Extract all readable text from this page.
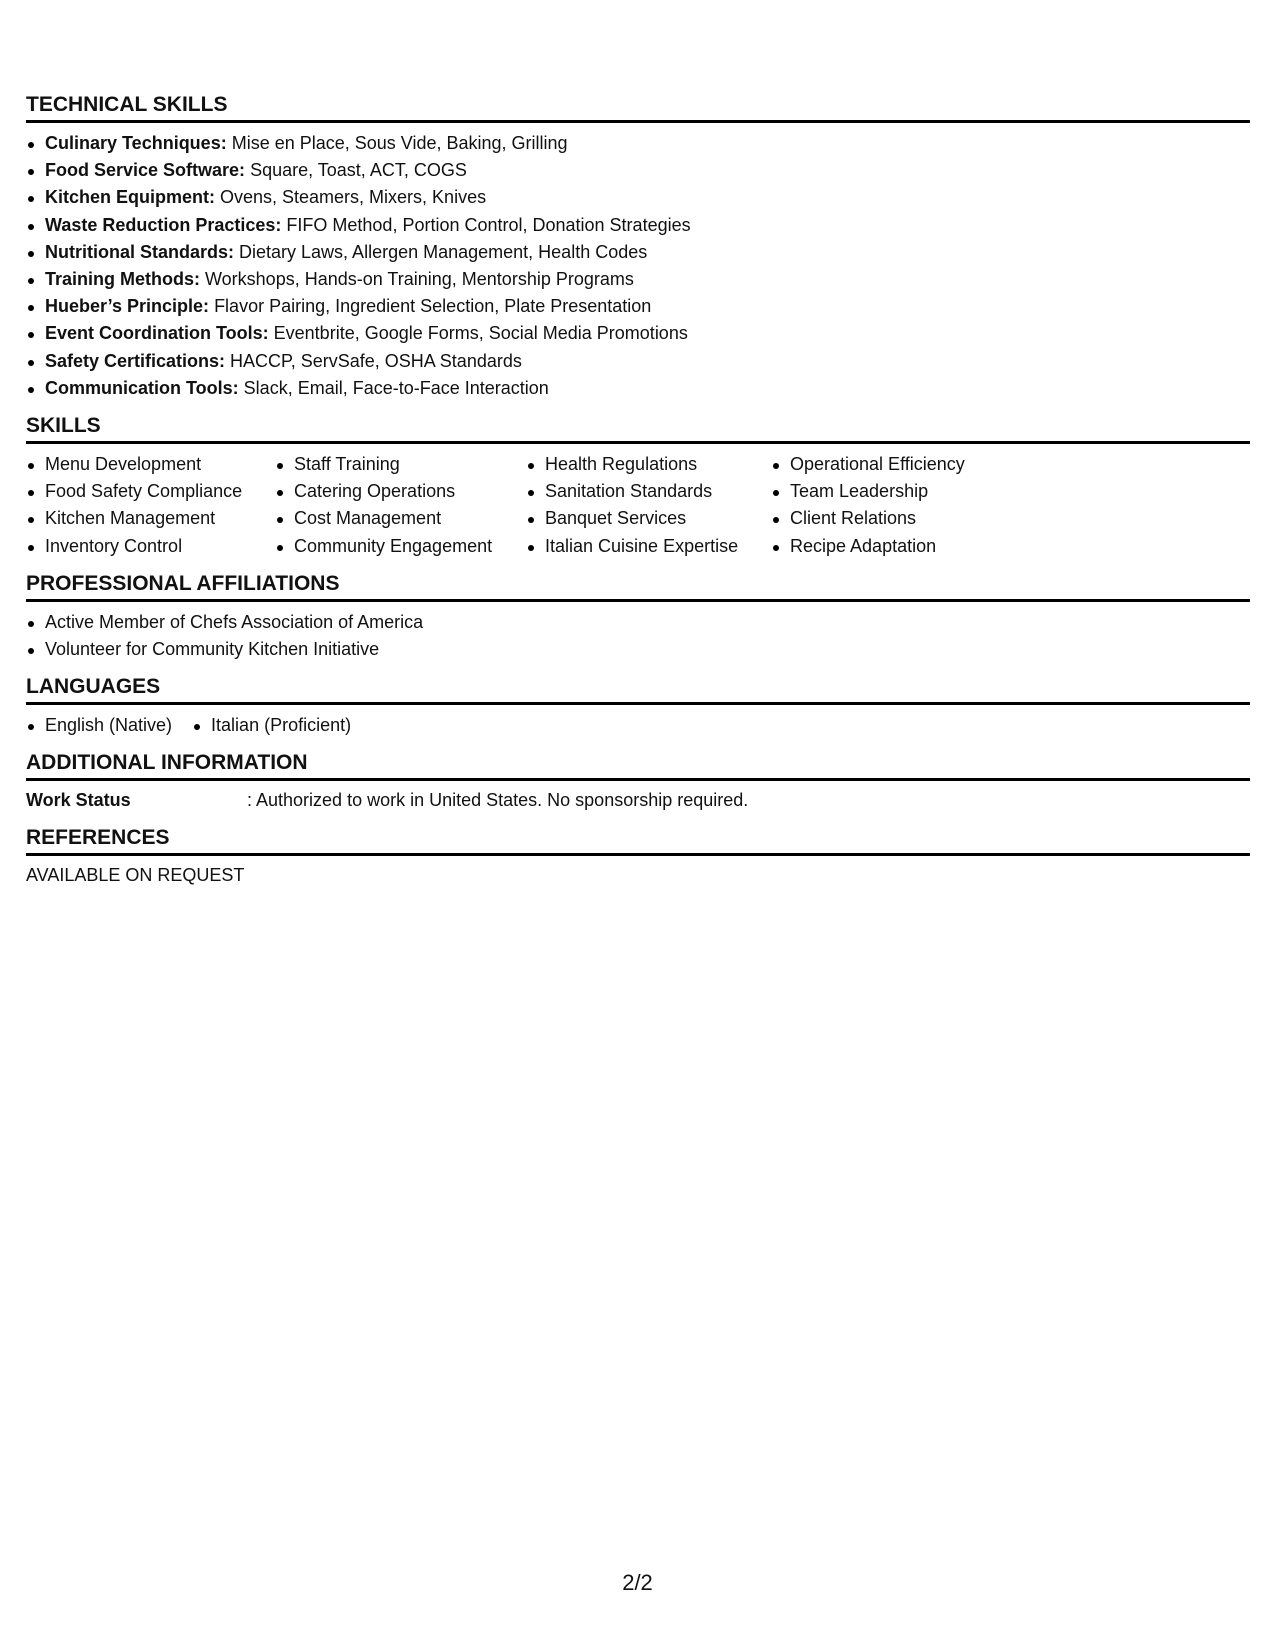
TECHNICAL SKILLS
Culinary Techniques: Mise en Place, Sous Vide, Baking, Grilling
Food Service Software: Square, Toast, ACT, COGS
Kitchen Equipment: Ovens, Steamers, Mixers, Knives
Waste Reduction Practices: FIFO Method, Portion Control, Donation Strategies
Nutritional Standards: Dietary Laws, Allergen Management, Health Codes
Training Methods: Workshops, Hands-on Training, Mentorship Programs
Hueber’s Principle: Flavor Pairing, Ingredient Selection, Plate Presentation
Event Coordination Tools: Eventbrite, Google Forms, Social Media Promotions
Safety Certifications: HACCP, ServSafe, OSHA Standards
Communication Tools: Slack, Email, Face-to-Face Interaction
SKILLS
Menu Development
Food Safety Compliance
Kitchen Management
Inventory Control
Staff Training
Catering Operations
Cost Management
Community Engagement
Health Regulations
Sanitation Standards
Banquet Services
Italian Cuisine Expertise
Operational Efficiency
Team Leadership
Client Relations
Recipe Adaptation
PROFESSIONAL AFFILIATIONS
Active Member of Chefs Association of America
Volunteer for Community Kitchen Initiative
LANGUAGES
English (Native)	Italian (Proficient)
ADDITIONAL INFORMATION
Work Status	: Authorized to work in United States. No sponsorship required.
REFERENCES
AVAILABLE ON REQUEST
2/2
